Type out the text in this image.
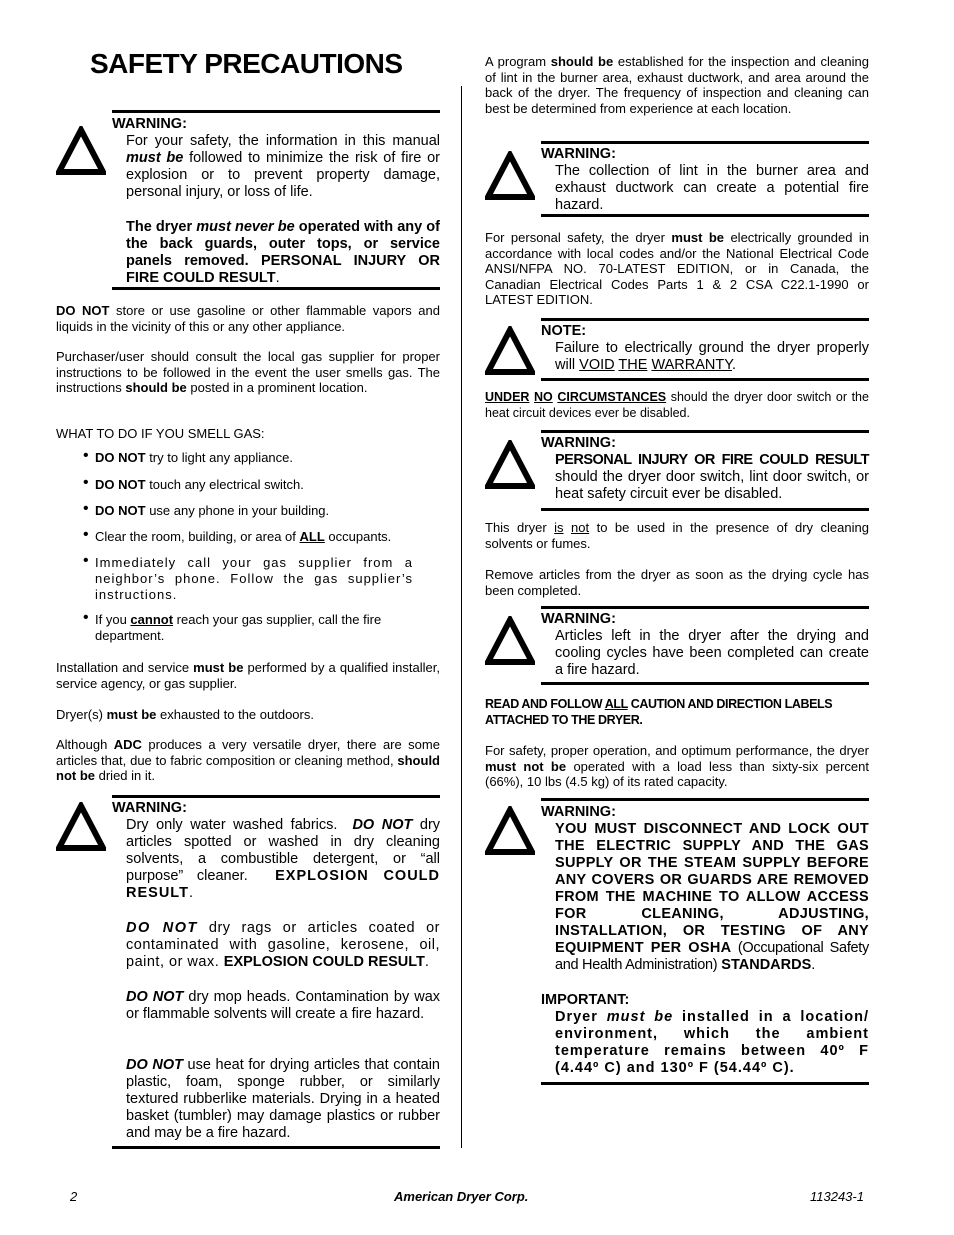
SAFETY PRECAUTIONS
WARNING:
For your safety, the information in this manual must be followed to minimize the risk of fire or explosion or to prevent property damage, personal injury, or loss of life.
The dryer must never be operated with any of the back guards, outer tops, or service panels removed. PERSONAL INJURY OR FIRE COULD RESULT.

DO NOT store or use gasoline or other flammable vapors and liquids in the vicinity of this or any other appliance.

Purchaser/user should consult the local gas supplier for proper instructions to be followed in the event the user smells gas. The instructions should be posted in a prominent location.

WHAT TO DO IF YOU SMELL GAS:

• DO NOT try to light any appliance.
• DO NOT touch any electrical switch.
• DO NOT use any phone in your building.
• Clear the room, building, or area of ALL occupants.
• Immediately call your gas supplier from a neighbor’s phone. Follow the gas supplier’s instructions.
• If you cannot reach your gas supplier, call the fire department.

Installation and service must be performed by a qualified installer, service agency, or gas supplier.

Dryer(s) must be exhausted to the outdoors.

Although ADC produces a very versatile dryer, there are some articles that, due to fabric composition or cleaning method, should not be dried in it.

WARNING:
Dry only water washed fabrics. DO NOT dry articles spotted or washed in dry cleaning solvents, a combustible detergent, or “all purpose” cleaner. EXPLOSION COULD RESULT.
DO NOT dry rags or articles coated or contaminated with gasoline, kerosene, oil, paint, or wax. EXPLOSION COULD RESULT.
DO NOT dry mop heads. Contamination by wax or flammable solvents will create a fire hazard.
DO NOT use heat for drying articles that contain plastic, foam, sponge rubber, or similarly textured rubberlike materials. Drying in a heated basket (tumbler) may damage plastics or rubber and may be a fire hazard.

A program should be established for the inspection and cleaning of lint in the burner area, exhaust ductwork, and area around the back of the dryer. The frequency of inspection and cleaning can best be determined from experience at each location.

WARNING:
The collection of lint in the burner area and exhaust ductwork can create a potential fire hazard.

For personal safety, the dryer must be electrically grounded in accordance with local codes and/or the National Electrical Code ANSI/NFPA NO. 70-LATEST EDITION, or in Canada, the Canadian Electrical Codes Parts 1 & 2 CSA C22.1-1990 or LATEST EDITION.

NOTE:
Failure to electrically ground the dryer properly will VOID THE WARRANTY.

UNDER NO CIRCUMSTANCES should the dryer door switch or the heat circuit devices ever be disabled.

WARNING:
PERSONAL INJURY OR FIRE COULD RESULT should the dryer door switch, lint door switch, or heat safety circuit ever be disabled.

This dryer is not to be used in the presence of dry cleaning solvents or fumes.

Remove articles from the dryer as soon as the drying cycle has been completed.

WARNING:
Articles left in the dryer after the drying and cooling cycles have been completed can create a fire hazard.

READ AND FOLLOW ALL CAUTION AND DIRECTION LABELS ATTACHED TO THE DRYER.

For safety, proper operation, and optimum performance, the dryer must not be operated with a load less than sixty-six percent (66%), 10 lbs (4.5 kg) of its rated capacity.

WARNING:
YOU MUST DISCONNECT AND LOCK OUT THE ELECTRIC SUPPLY AND THE GAS SUPPLY OR THE STEAM SUPPLY BEFORE ANY COVERS OR GUARDS ARE REMOVED FROM THE MACHINE TO ALLOW ACCESS FOR CLEANING, ADJUSTING, INSTALLATION, OR TESTING OF ANY EQUIPMENT PER OSHA (Occupational Safety and Health Administration) STANDARDS.
IMPORTANT:
Dryer must be installed in a location/ environment, which the ambient temperature remains between 40º F (4.44º C) and 130º F (54.44º C).
2	American Dryer Corp.	113243-1
